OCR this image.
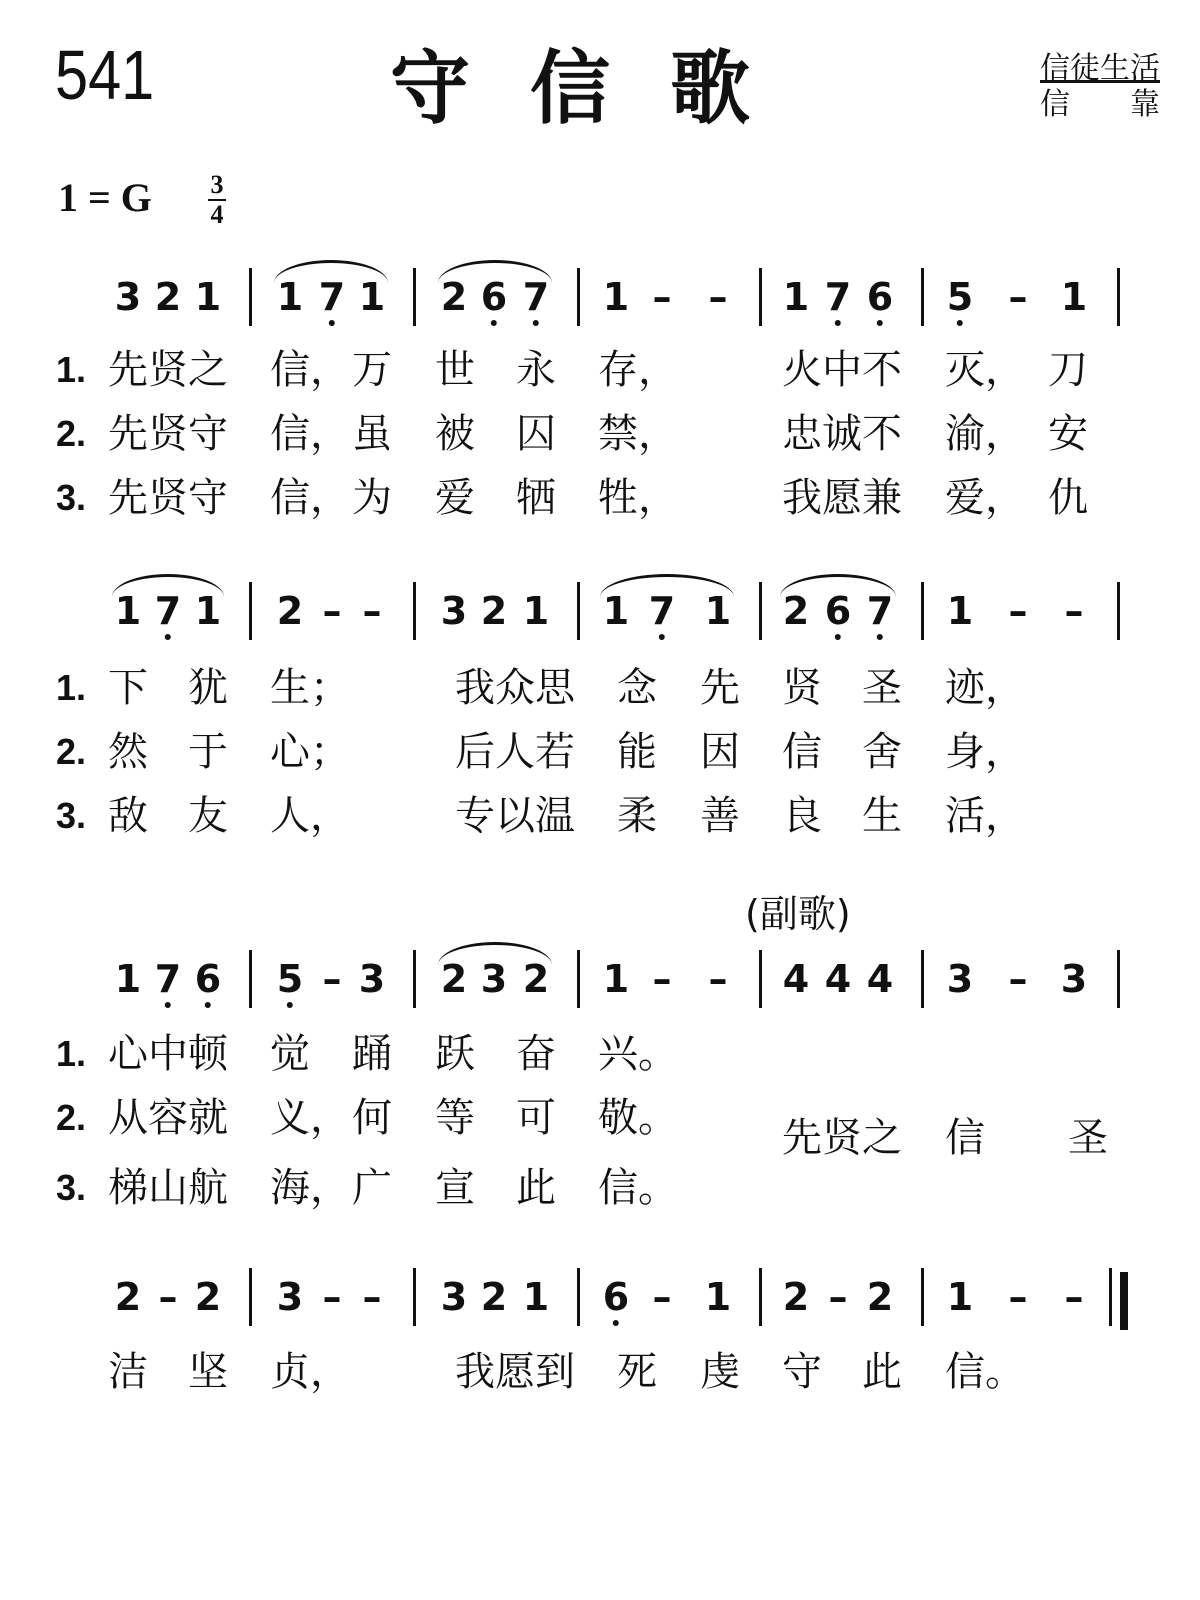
541	守信歌	信徒生活
信 靠
1 = G 3
4
(副歌)
3 2 1 1 7 1 2 6 7 1 – – 1 7 6 5 – 1
1. 先 贤 之 信， 万 世 永 存，	火 中 不 灭， 刀
2. 先 贤 守 信， 虽 被 囚 禁，	忠 诚 不 渝， 安
3. 先 贤 守 信， 为 爱 牺 牲，	我 愿 兼 爱， 仇
1 7 1 2 – – 3 2 1 1 7 1 2 6 7 1 – –
1. 下 犹 生；	我 众 思 念 先 贤 圣 迹，
2. 然 于 心；	后 人 若 能 因 信 舍 身，
3. 敌 友 人，	专 以 温 柔 善 良 生 活，
1 7 6 5 – 3 2 3 2 1 – – 4 4 4 3 – 3
1. 心 中 顿 觉 踊 跃 奋 兴。
2. 从 容 就 义， 何 等 可 敬。
3. 梯 山 航 海， 广 宣 此 信。
先 贤 之 信 圣
2 – 2 3 – – 3 2 1 6 – 1 2 – 2 1 – –
洁 坚 贞，	我 愿 到 死 虔 守 此 信。
